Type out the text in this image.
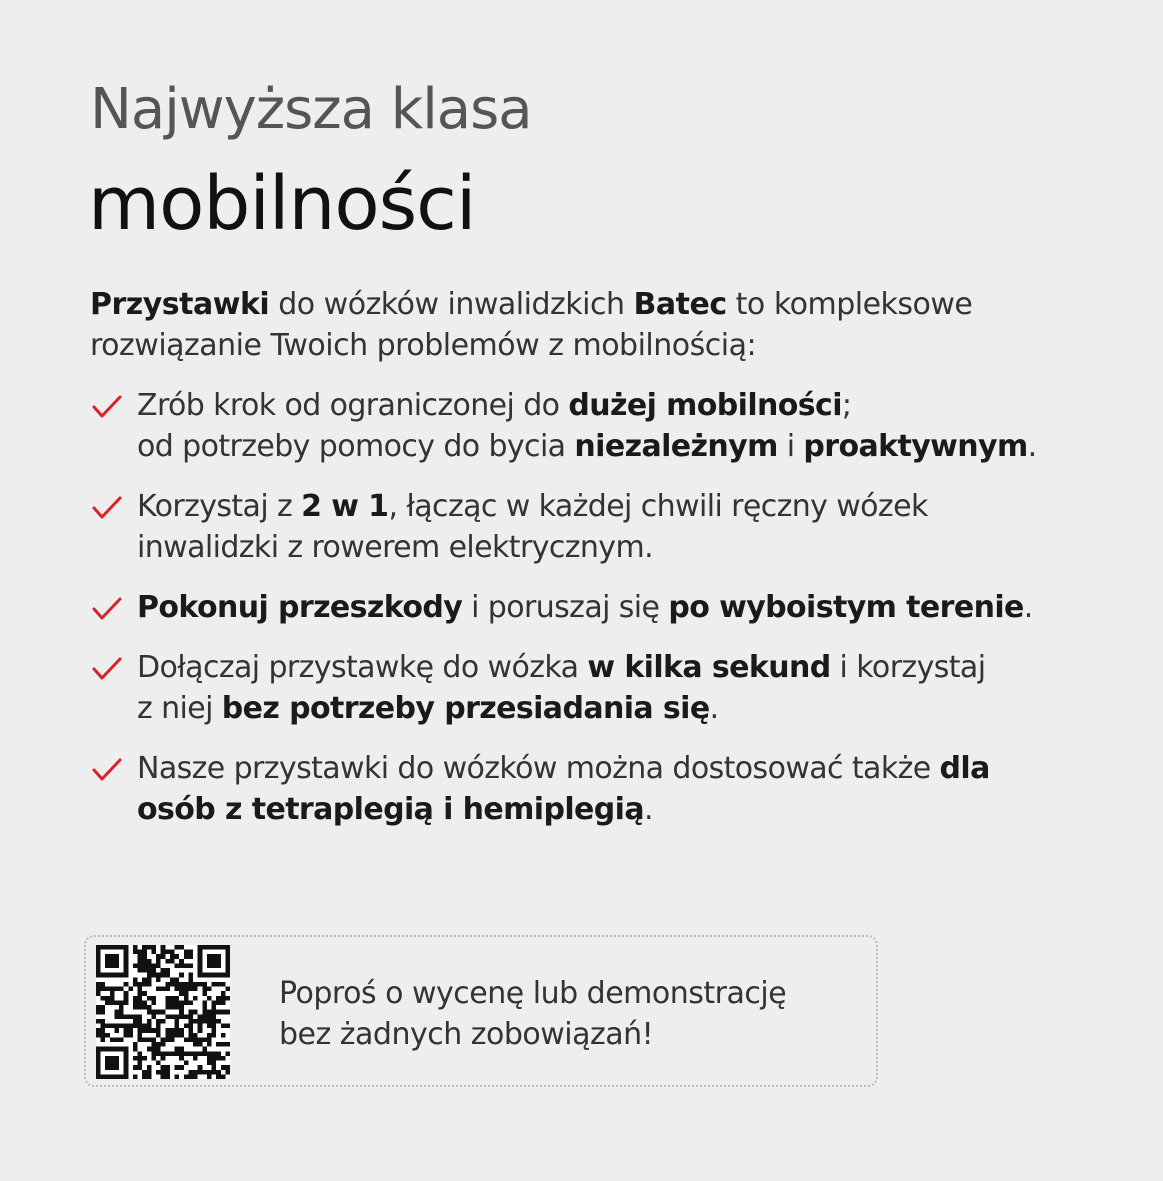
Najwyższa klasa
mobilności

Przystawki do wózków inwalidzkich Batec to kompleksowe

rozwiązanie Twoich problemów z mobilnością:

Zrób krok od ograniczonej do dużej mobilności;

od potrzeby pomocy do bycia niezależnym i proaktywnym.

Korzystaj z 2 w 1, łącząc w każdej chwili ręczny wózek

inwalidzki z rowerem elektrycznym.

Pokonuj przeszkody i poruszaj się po wyboistym terenie.

Dołączaj przystawkę do wózka w kilka sekund i korzystaj

z niej bez potrzeby przesiadania się.

Nasze przystawki do wózków można dostosować także dla

osób z tetraplegią i hemiplegią.

Poproś o wycenę lub demonstrację

bez żadnych zobowiązań!
